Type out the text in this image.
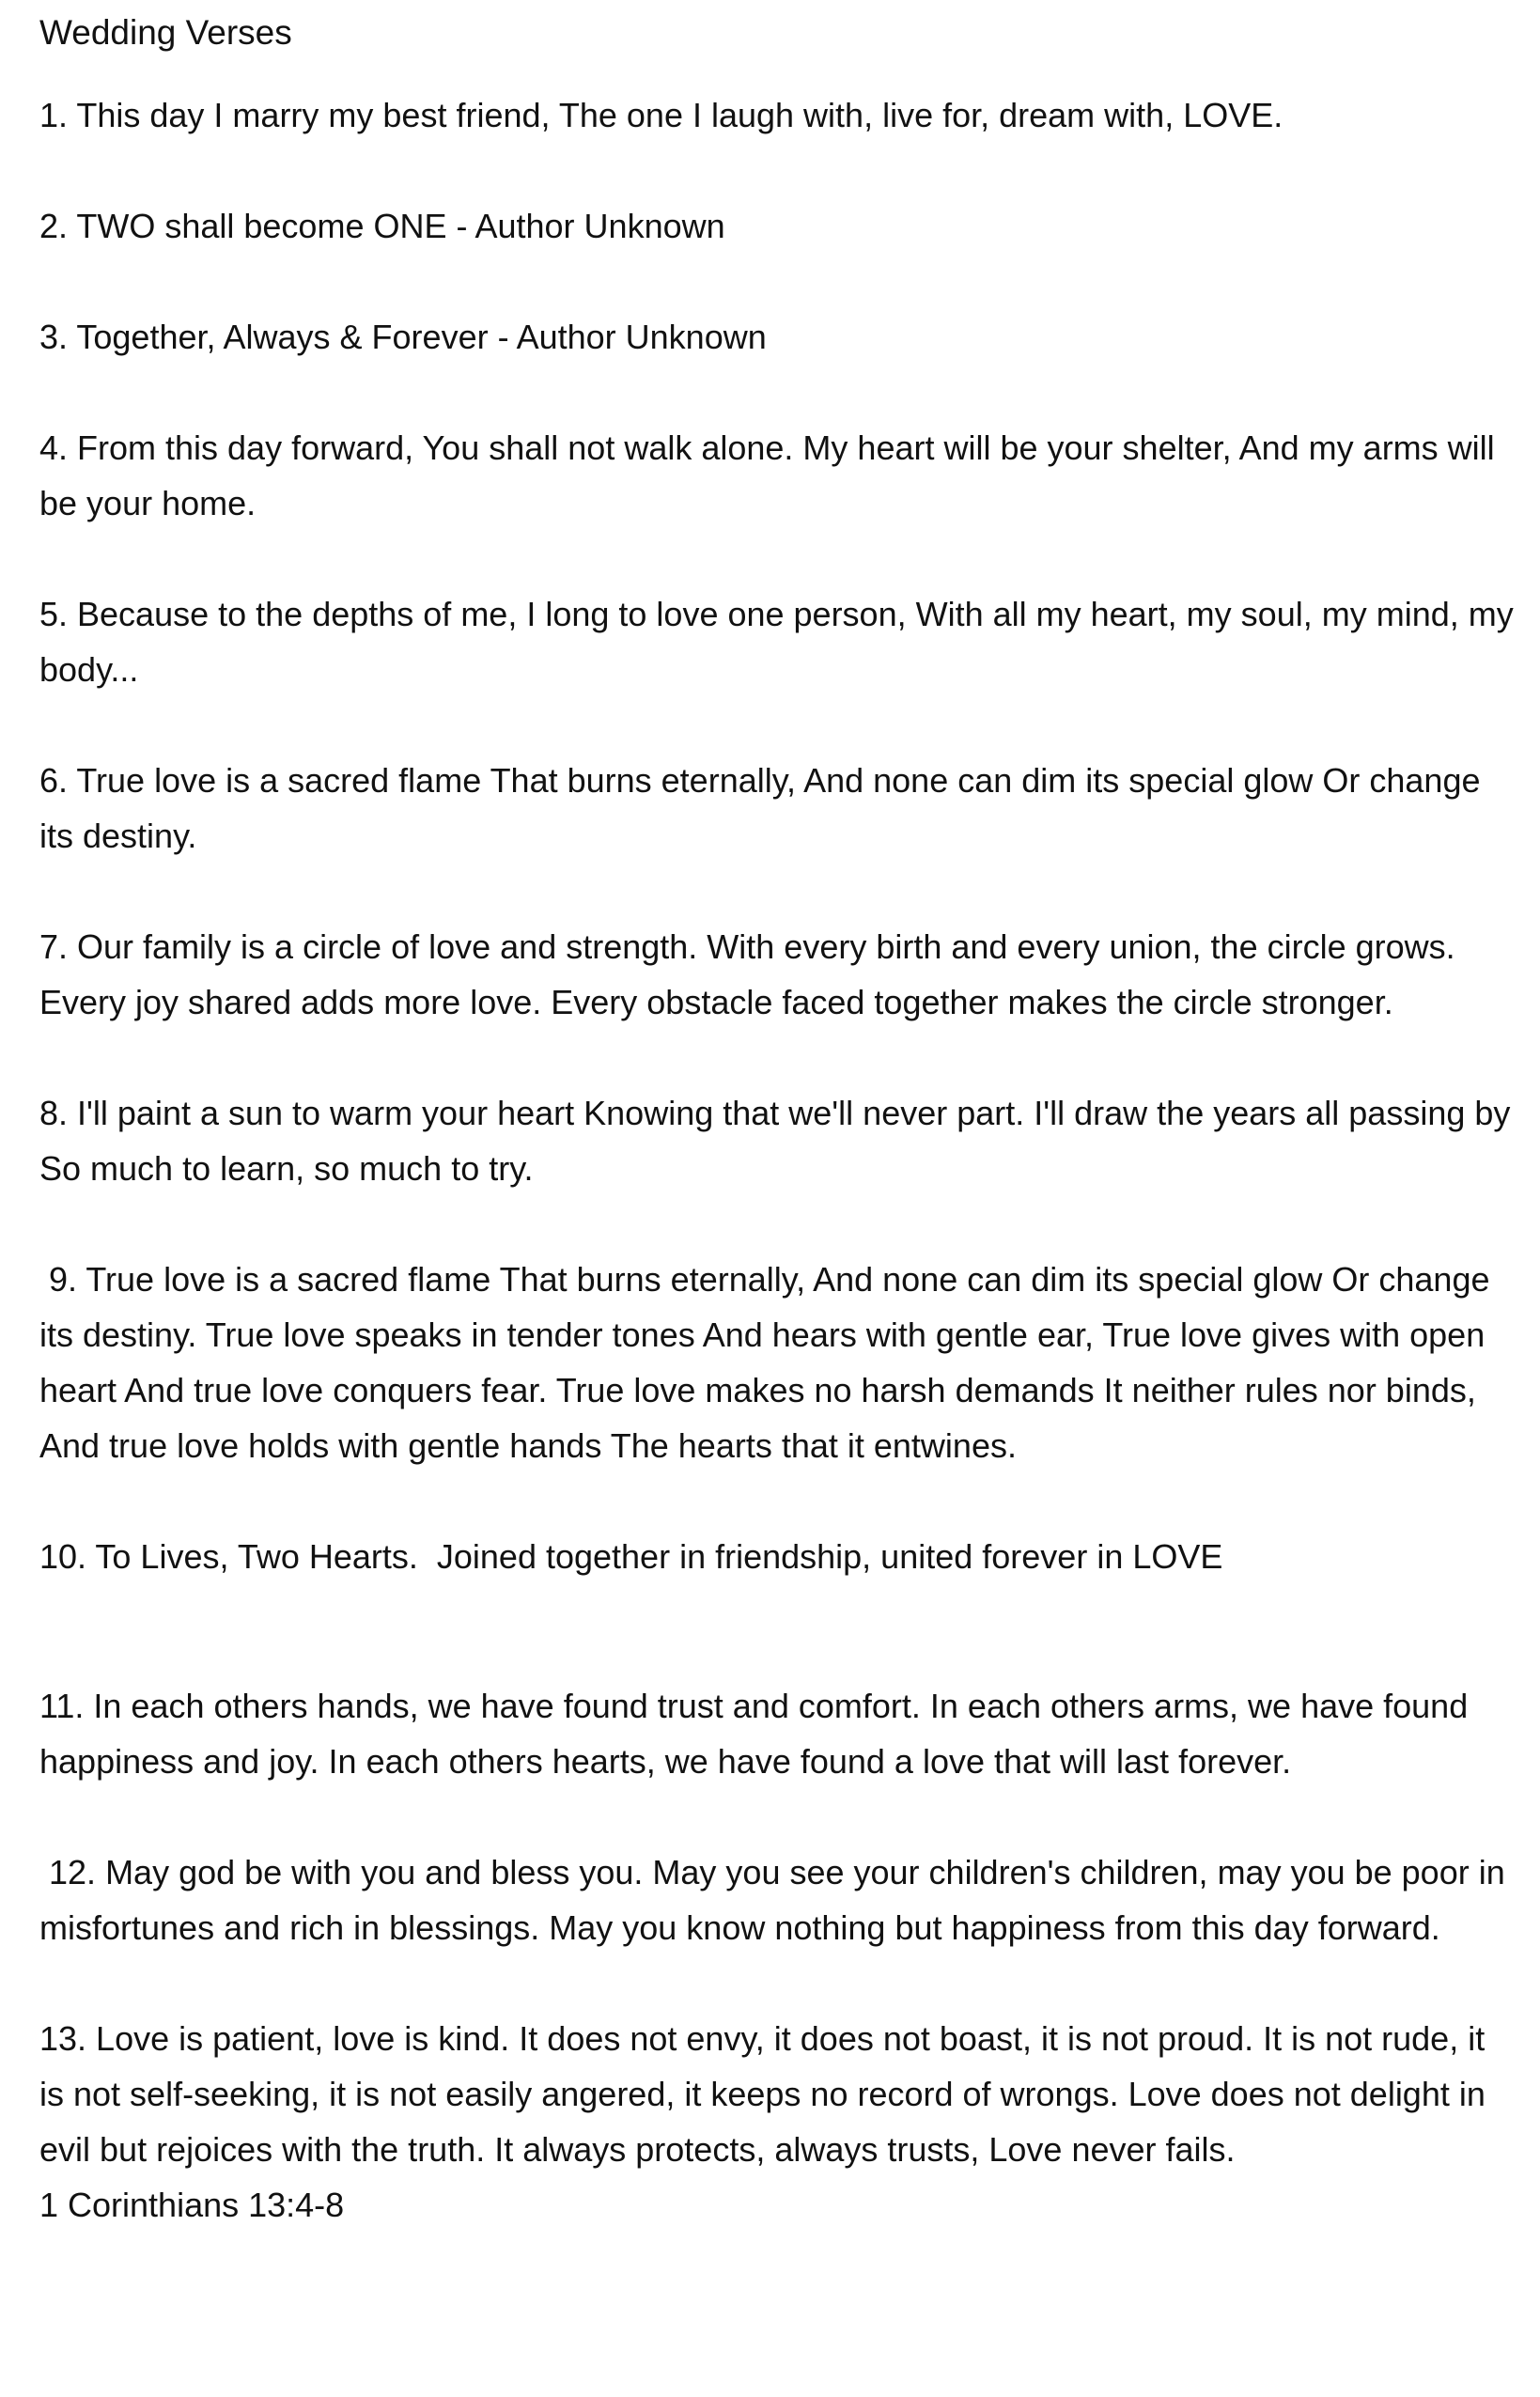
Wedding Verses

1. This day I marry my best friend, The one I laugh with, live for, dream with, LOVE.

2. TWO shall become ONE - Author Unknown

3. Together, Always & Forever - Author Unknown

4. From this day forward, You shall not walk alone. My heart will be your shelter, And my arms will be your home.

5. Because to the depths of me, I long to love one person, With all my heart, my soul, my mind, my body...

6. True love is a sacred flame That burns eternally, And none can dim its special glow Or change its destiny.

7. Our family is a circle of love and strength. With every birth and every union, the circle grows. Every joy shared adds more love. Every obstacle faced together makes the circle stronger.

8. I'll paint a sun to warm your heart Knowing that we'll never part. I'll draw the years all passing by So much to learn, so much to try.

9. True love is a sacred flame That burns eternally, And none can dim its special glow Or change its destiny. True love speaks in tender tones And hears with gentle ear, True love gives with open heart And true love conquers fear. True love makes no harsh demands It neither rules nor binds, And true love holds with gentle hands The hearts that it entwines.

10. To Lives, Two Hearts.  Joined together in friendship, united forever in LOVE

11. In each others hands, we have found trust and comfort. In each others arms, we have found happiness and joy. In each others hearts, we have found a love that will last forever.

12. May god be with you and bless you. May you see your children's children, may you be poor in misfortunes and rich in blessings. May you know nothing but happiness from this day forward.

13. Love is patient, love is kind. It does not envy, it does not boast, it is not proud. It is not rude, it is not self-seeking, it is not easily angered, it keeps no record of wrongs. Love does not delight in evil but rejoices with the truth. It always protects, always trusts, Love never fails.

1 Corinthians 13:4-8
